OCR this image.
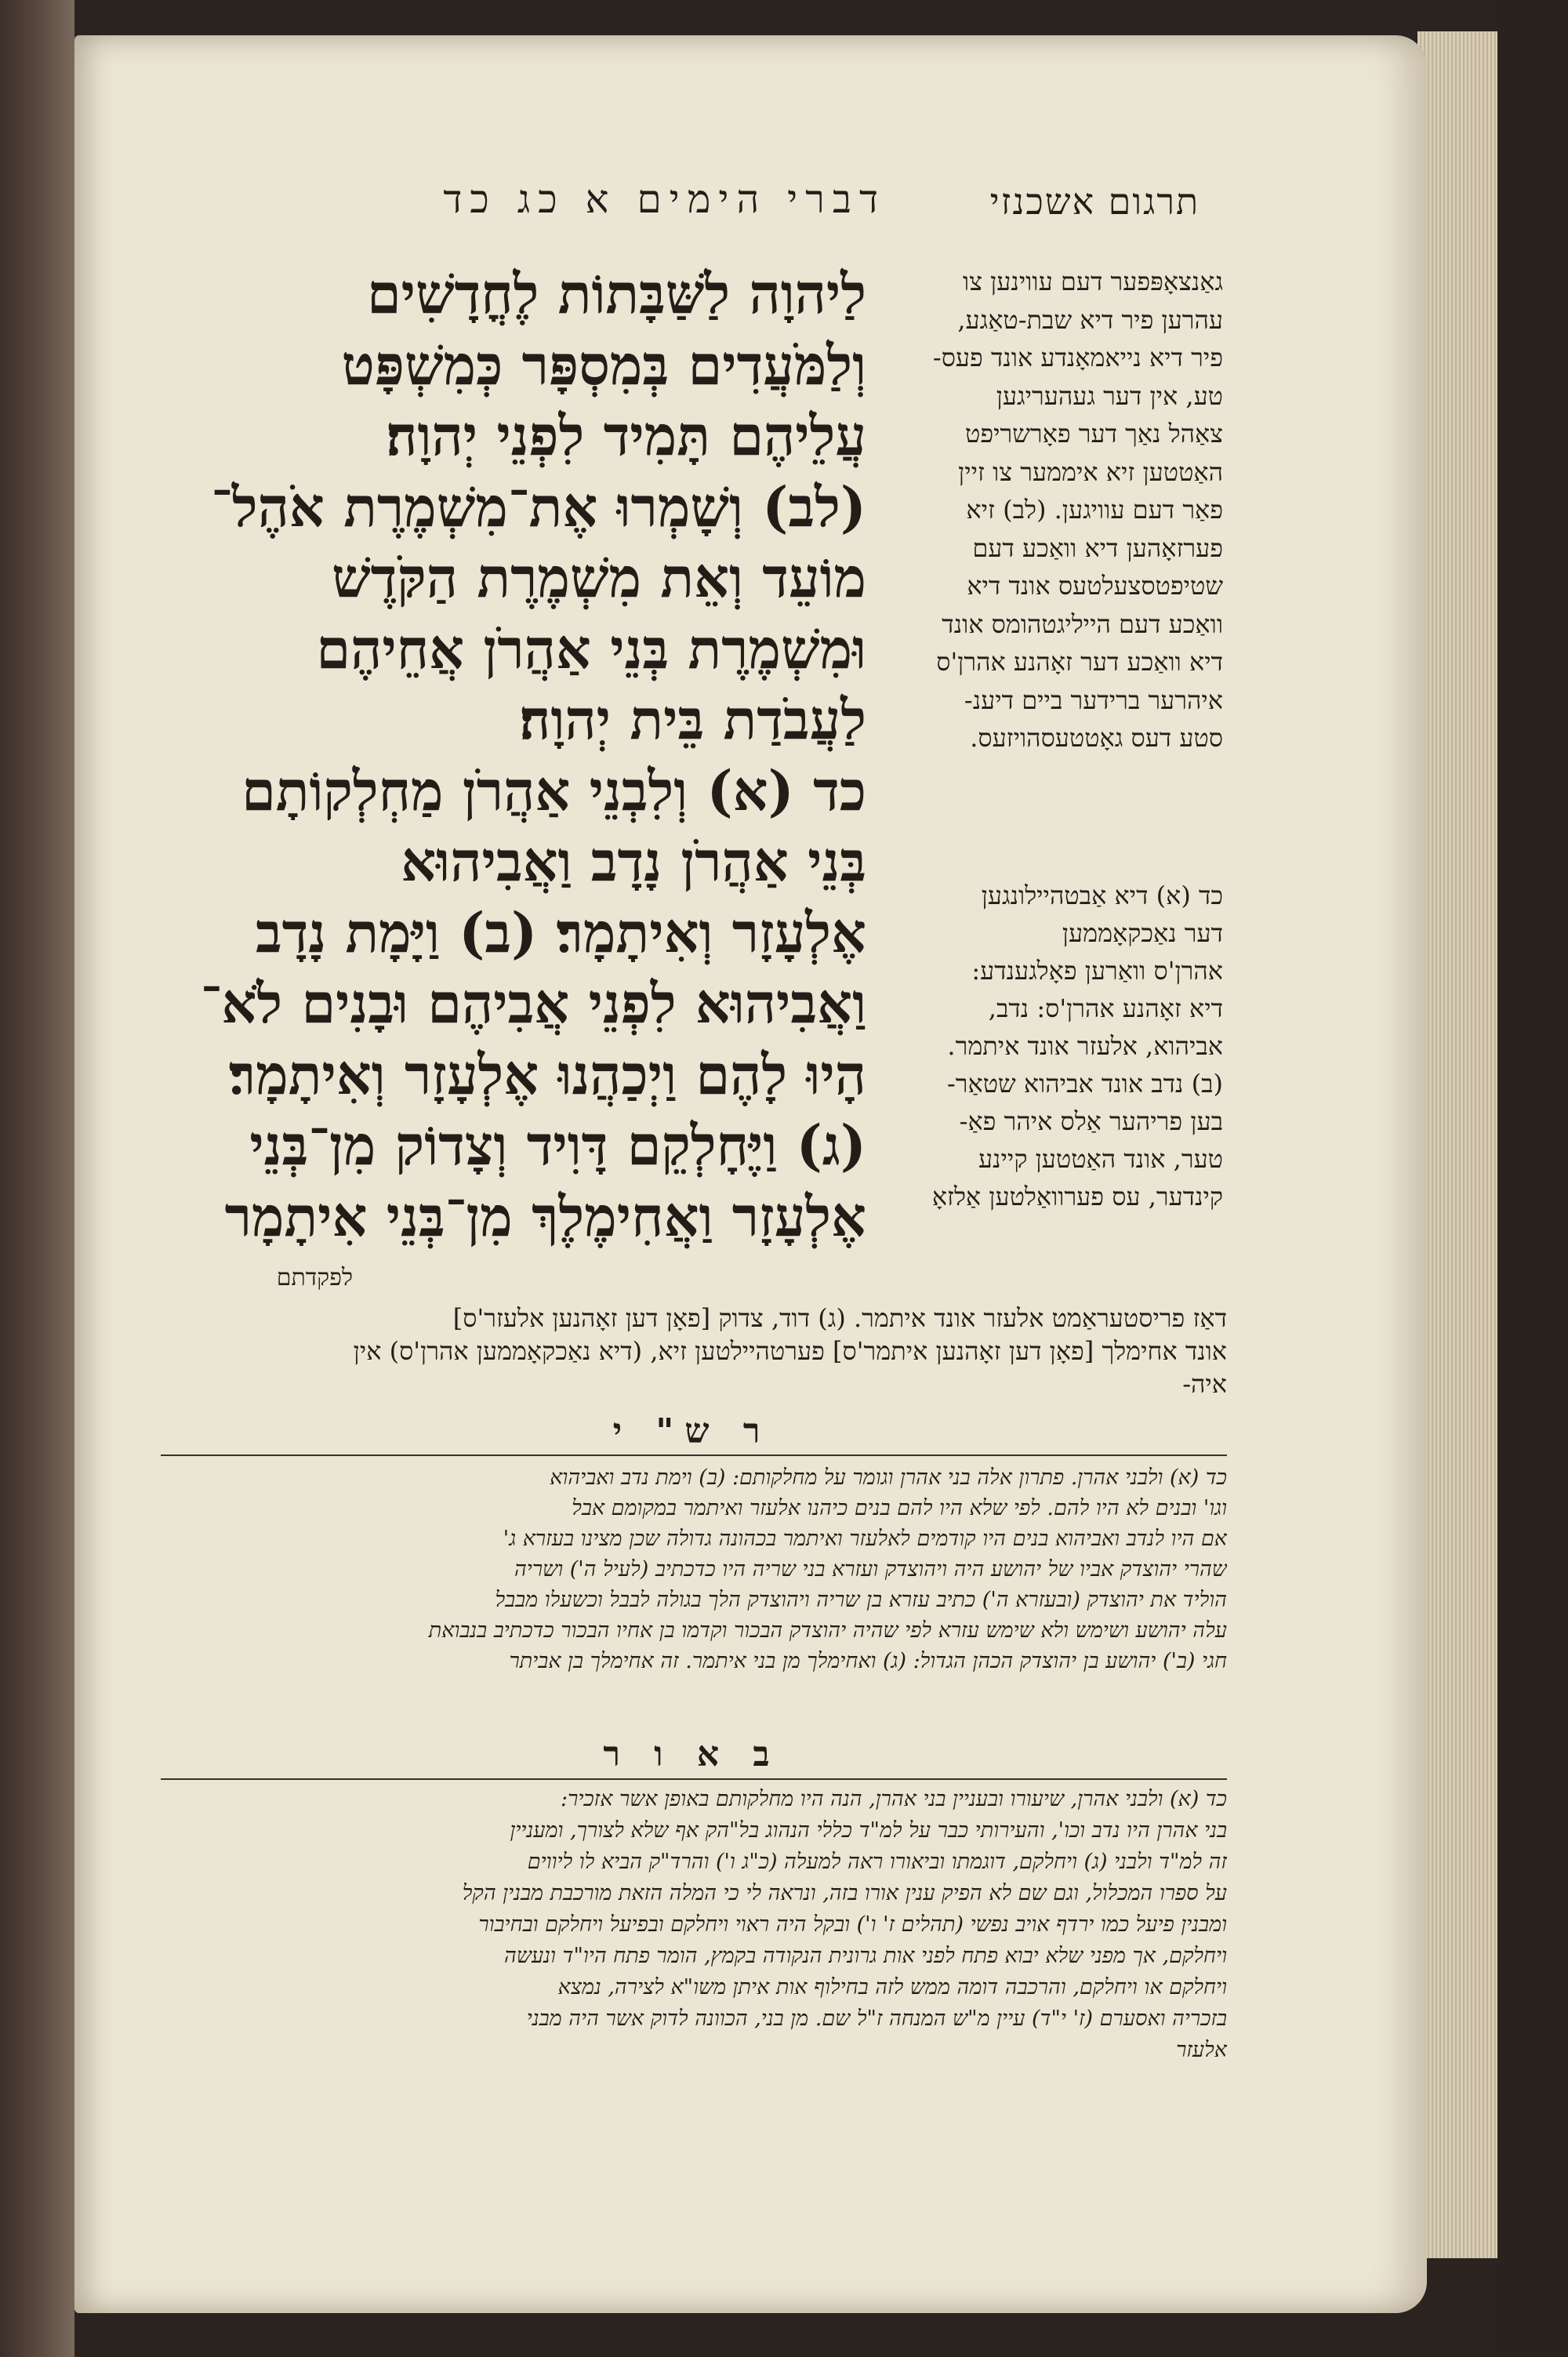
תרגום אשכנזי
דברי הימים א כג כד
לַיהוָה לַשַּׁבָּתוֹת לֶחֳדָשִׁים
וְלַמֹּעֲדִים בְּמִסְפָּר כְּמִשְׁפָּט
עֲלֵיהֶם תָּמִיד לִפְנֵי יְהוָה׃
(לב) וְשָׁמְרוּ אֶת־מִשְׁמֶרֶת אֹהֶל־
מוֹעֵד וְאֵת מִשְׁמֶרֶת הַקֹּדֶשׁ
וּמִשְׁמֶרֶת בְּנֵי אַהֲרֹן אֲחֵיהֶם
לַעֲבֹדַת בֵּית יְהוָה׃
כד (א) וְלִבְנֵי אַהֲרֹן מַחְלְקוֹתָם
בְּנֵי אַהֲרֹן נָדָב וַאֲבִיהוּא
אֶלְעָזָר וְאִיתָמָר׃ (ב) וַיָּמָת נָדָב
וַאֲבִיהוּא לִפְנֵי אֲבִיהֶם וּבָנִים לֹא־
הָיוּ לָהֶם וַיְכַהֲנוּ אֶלְעָזָר וְאִיתָמָר׃
(ג) וַיֶּחָלְקֵם דָּוִיד וְצָדוֹק מִן־בְּנֵי
אֶלְעָזָר וַאֲחִימֶלֶךְ מִן־בְּנֵי אִיתָמָר
גאַנצאָפּפער דעם עווינען צו
עהרען פיר דיא שבת-טאַגע,
פיר דיא נייאמאָנדע אונד פעס-
טע, אין דער געהעריגען
צאַהל נאַך דער פאָרשריפט
האַטטען זיא איממער צו זיין
פאַר דעם עוויגען. (לב) זיא
פערזאָהען דיא וואַכע דעם
שטיפטסצעלטעס אונד דיא
וואַכע דעם הייליגטהומס אונד
דיא וואַכע דער זאָהנע אהרן'ס
איהרער ברידער ביים דיענ-
סטע דעס גאָטטעסהויזעס.
כד (א) דיא אַבטהיילונגען
דער נאַכקאָממען
אהרן'ס וואַרען פאָלגענדע:
דיא זאָהנע אהרן'ס: נדב,
אביהוא, אלעזר אונד איתמר.
(ב) נדב אונד אביהוא שטאַר-
בען פריהער אַלס איהר פאַ-
טער, אונד האַטטען קיינע
קינדער, עס פערוואַלטען אַלזאָ
לפקדתם
דאַז פריסטעראַמט אלעזר אונד איתמר. (ג) דוד, צדוק [פאָן דען זאָהנען אלעזר'ס]
אונד אחימלך [פאָן דען זאָהנען איתמר'ס] פערטהיילטען זיא, (דיא נאַכקאָממען אהרן'ס) אין
איה-
ר ש" י
כד (א) ולבני אהרן. פתרון אלה בני אהרן וגומר על מחלקותם: (ב) וימת נדב ואביהוא
וגו' ובנים לא היו להם. לפי שלא היו להם בנים כיהנו אלעזר ואיתמר במקומם אבל
אם היו לנדב ואביהוא בנים היו קודמים לאלעזר ואיתמר בכהונה גדולה שכן מצינו בעזרא ג'
שהרי יהוצדק אביו של יהושע היה ויהוצדק ועזרא בני שריה היו כדכתיב (לעיל ה') ושריה
הוליד את יהוצדק (ובעזרא ה') כתיב עזרא בן שריה ויהוצדק הלך בגולה לבבל וכשעלו מבבל
עלה יהושע ושימש ולא שימש עזרא לפי שהיה יהוצדק הבכור וקדמו בן אחיו הבכור כדכתיב בנבואת
חגי (ב') יהושע בן יהוצדק הכהן הגדול: (ג) ואחימלך מן בני איתמר. זה אחימלך בן אביתר
ב א ו ר
כד (א) ולבני אהרן, שיעורו ובעניין בני אהרן, הנה היו מחלקותם באופן אשר אזכיר:
בני אהרן היו נדב וכו', והעירותי כבר על למ"ד כללי הנהוג בל"הק אף שלא לצורך, ומעניין
זה למ"ד ולבני (ג) ויחלקם, דוגמתו וביאורו ראה למעלה (כ"ג ו') והרד"ק הביא לו ליווים
על ספרו המכלול, וגם שם לא הפיק ענין אורו בזה, ונראה לי כי המלה הזאת מורכבת מבנין הקל
ומבנין פיעל כמו ירדף אויב נפשי (תהלים ז' ו') ובקל היה ראוי ויחלקם ובפיעל ויחלקם ובחיבור
ויחלקם, אך מפני שלא יבוא פתח לפני אות גרונית הנקודה בקמץ, הומר פתח היו"ד ונעשה
ויחלקם או ויחלקם, והרכבה דומה ממש לזה בחילוף אות איתן משו"א לצירה, נמצא
בזכריה ואסערם (ז' י"ד) עיין מ"ש המנחה ז"ל שם. מן בני, הכוונה לדוק אשר היה מבני
אלעזר
